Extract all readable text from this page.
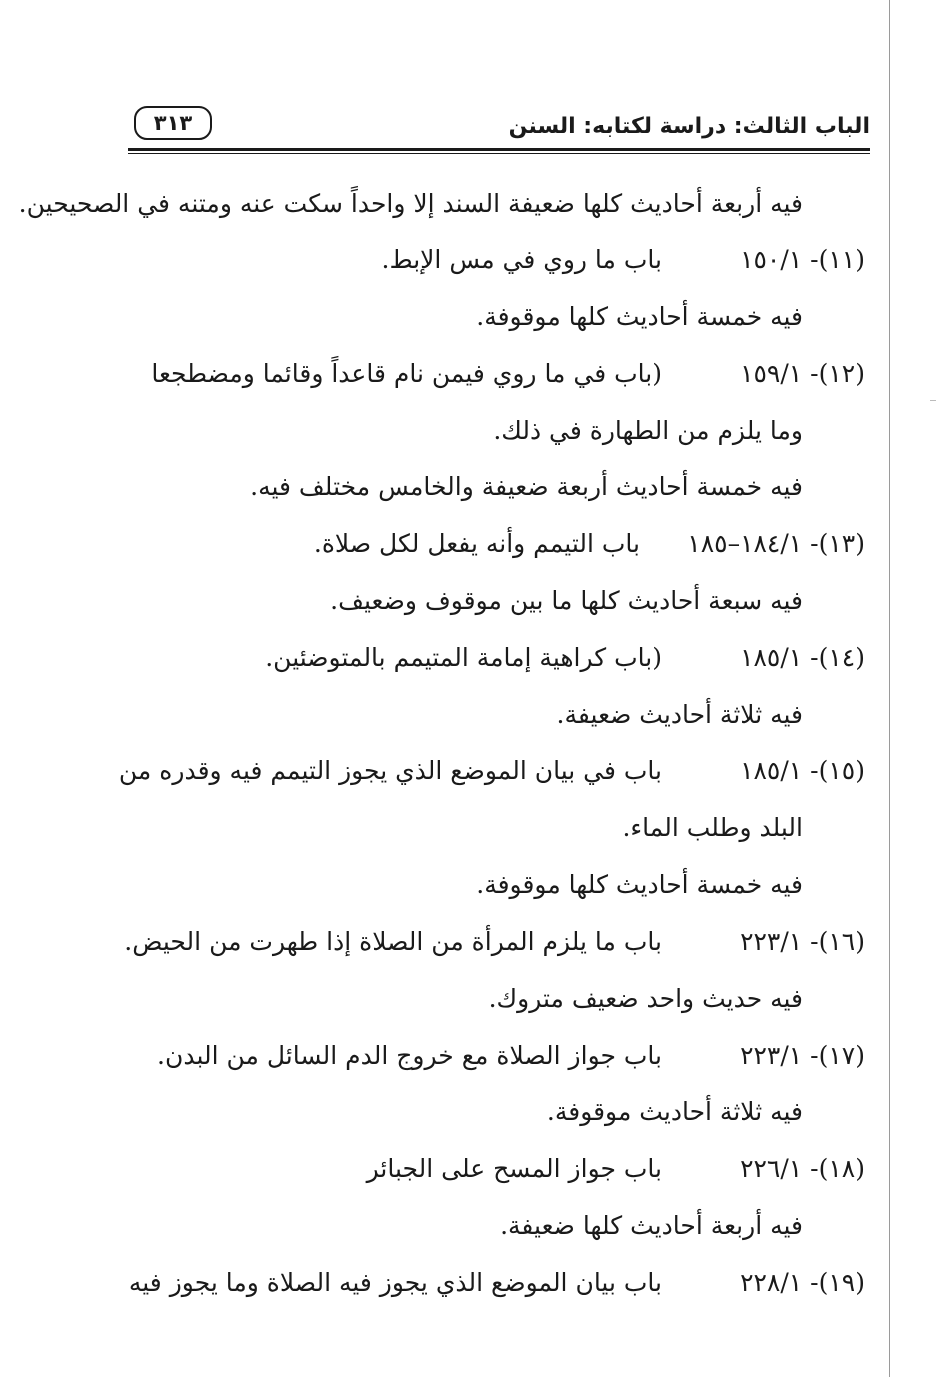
الباب الثالث: دراسة لكتابه: السنن
٣١٣
فيه أربعة أحاديث كلها ضعيفة السند إلا واحداً سكت عنه ومتنه في الصحيحين.
(١١)- ١٥٠/١
باب ما روي في مس الإبط.
فيه خمسة أحاديث كلها موقوفة.
(١٢)- ١٥٩/١
(باب في ما روي فيمن نام قاعداً وقائما ومضطجعا
وما يلزم من الطهارة في ذلك.
فيه خمسة أحاديث أربعة ضعيفة والخامس مختلف فيه.
(١٣)- ١٨٤/١–١٨٥
باب التيمم وأنه يفعل لكل صلاة.
فيه سبعة أحاديث كلها ما بين موقوف وضعيف.
(١٤)- ١٨٥/١
(باب كراهية إمامة المتيمم بالمتوضئين.
فيه ثلاثة أحاديث ضعيفة.
(١٥)- ١٨٥/١
باب في بيان الموضع الذي يجوز التيمم فيه وقدره من
البلد وطلب الماء.
فيه خمسة أحاديث كلها موقوفة.
(١٦)- ٢٢٣/١
باب ما يلزم المرأة من الصلاة إذا طهرت من الحيض.
فيه حديث واحد ضعيف متروك.
(١٧)- ٢٢٣/١
باب جواز الصلاة مع خروج الدم السائل من البدن.
فيه ثلاثة أحاديث موقوفة.
(١٨)- ٢٢٦/١
باب جواز المسح على الجبائر
فيه أربعة أحاديث كلها ضعيفة.
(١٩)- ٢٢٨/١
باب بيان الموضع الذي يجوز فيه الصلاة وما يجوز فيه
